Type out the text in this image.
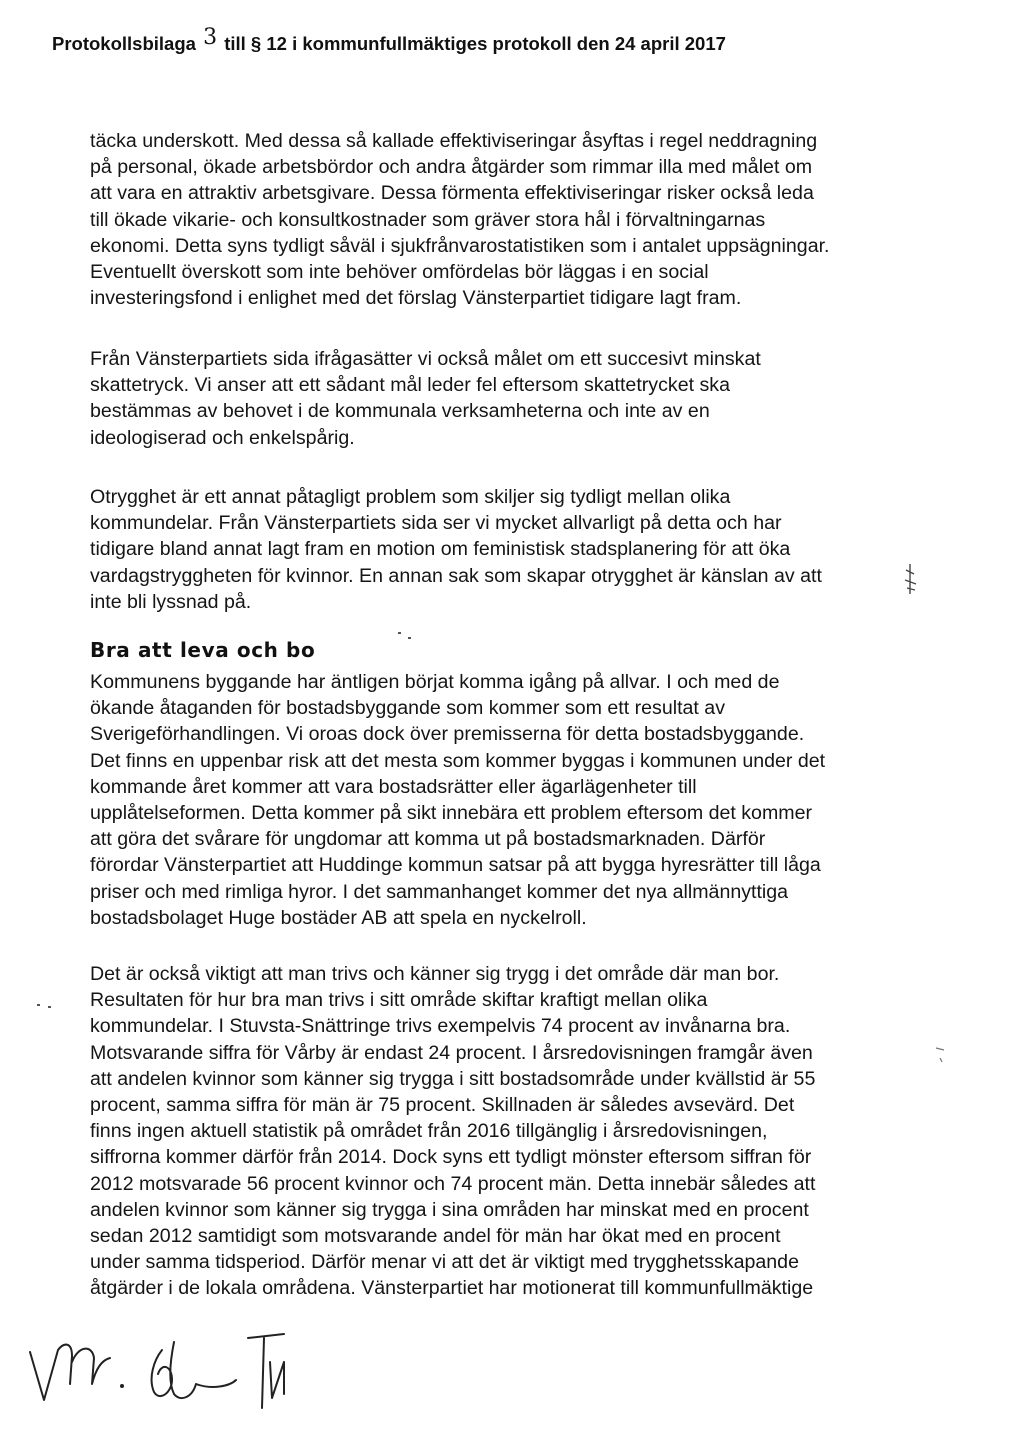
Protokollsbilaga 3 till § 12 i kommunfullmäktiges protokoll den 24 april 2017

täcka underskott. Med dessa så kallade effektiviseringar åsyftas i regel neddragning

på personal, ökade arbetsbördor och andra åtgärder som rimmar illa med målet om

att vara en attraktiv arbetsgivare. Dessa förmenta effektiviseringar risker också leda

till ökade vikarie- och konsultkostnader som gräver stora hål i förvaltningarnas

ekonomi. Detta syns tydligt såväl i sjukfrånvarostatistiken som i antalet uppsägningar.

Eventuellt överskott som inte behöver omfördelas bör läggas i en social

investeringsfond i enlighet med det förslag Vänsterpartiet tidigare lagt fram.

Från Vänsterpartiets sida ifrågasätter vi också målet om ett succesivt minskat

skattetryck. Vi anser att ett sådant mål leder fel eftersom skattetrycket ska

bestämmas av behovet i de kommunala verksamheterna och inte av en

ideologiserad och enkelspårig.

Otrygghet är ett annat påtagligt problem som skiljer sig tydligt mellan olika

kommundelar. Från Vänsterpartiets sida ser vi mycket allvarligt på detta och har

tidigare bland annat lagt fram en motion om feministisk stadsplanering för att öka

vardagstryggheten för kvinnor. En annan sak som skapar otrygghet är känslan av att

inte bli lyssnad på.

Bra att leva och bo

Kommunens byggande har äntligen börjat komma igång på allvar. I och med de

ökande åtaganden för bostadsbyggande som kommer som ett resultat av

Sverigeförhandlingen. Vi oroas dock över premisserna för detta bostadsbyggande.

Det finns en uppenbar risk att det mesta som kommer byggas i kommunen under det

kommande året kommer att vara bostadsrätter eller ägarlägenheter till

upplåtelseformen. Detta kommer på sikt innebära ett problem eftersom det kommer

att göra det svårare för ungdomar att komma ut på bostadsmarknaden. Därför

förordar Vänsterpartiet att Huddinge kommun satsar på att bygga hyresrätter till låga

priser och med rimliga hyror. I det sammanhanget kommer det nya allmännyttiga

bostadsbolaget Huge bostäder AB att spela en nyckelroll.

Det är också viktigt att man trivs och känner sig trygg i det område där man bor.

Resultaten för hur bra man trivs i sitt område skiftar kraftigt mellan olika

kommundelar. I Stuvsta-Snättringe trivs exempelvis 74 procent av invånarna bra.

Motsvarande siffra för Vårby är endast 24 procent. I årsredovisningen framgår även

att andelen kvinnor som känner sig trygga i sitt bostadsområde under kvällstid är 55

procent, samma siffra för män är 75 procent. Skillnaden är således avsevärd. Det

finns ingen aktuell statistik på området från 2016 tillgänglig i årsredovisningen,

siffrorna kommer därför från 2014. Dock syns ett tydligt mönster eftersom siffran för

2012 motsvarade 56 procent kvinnor och 74 procent män. Detta innebär således att

andelen kvinnor som känner sig trygga i sina områden har minskat med en procent

sedan 2012 samtidigt som motsvarande andel för män har ökat med en procent

under samma tidsperiod. Därför menar vi att det är viktigt med trygghetsskapande

åtgärder i de lokala områdena. Vänsterpartiet har motionerat till kommunfullmäktige
